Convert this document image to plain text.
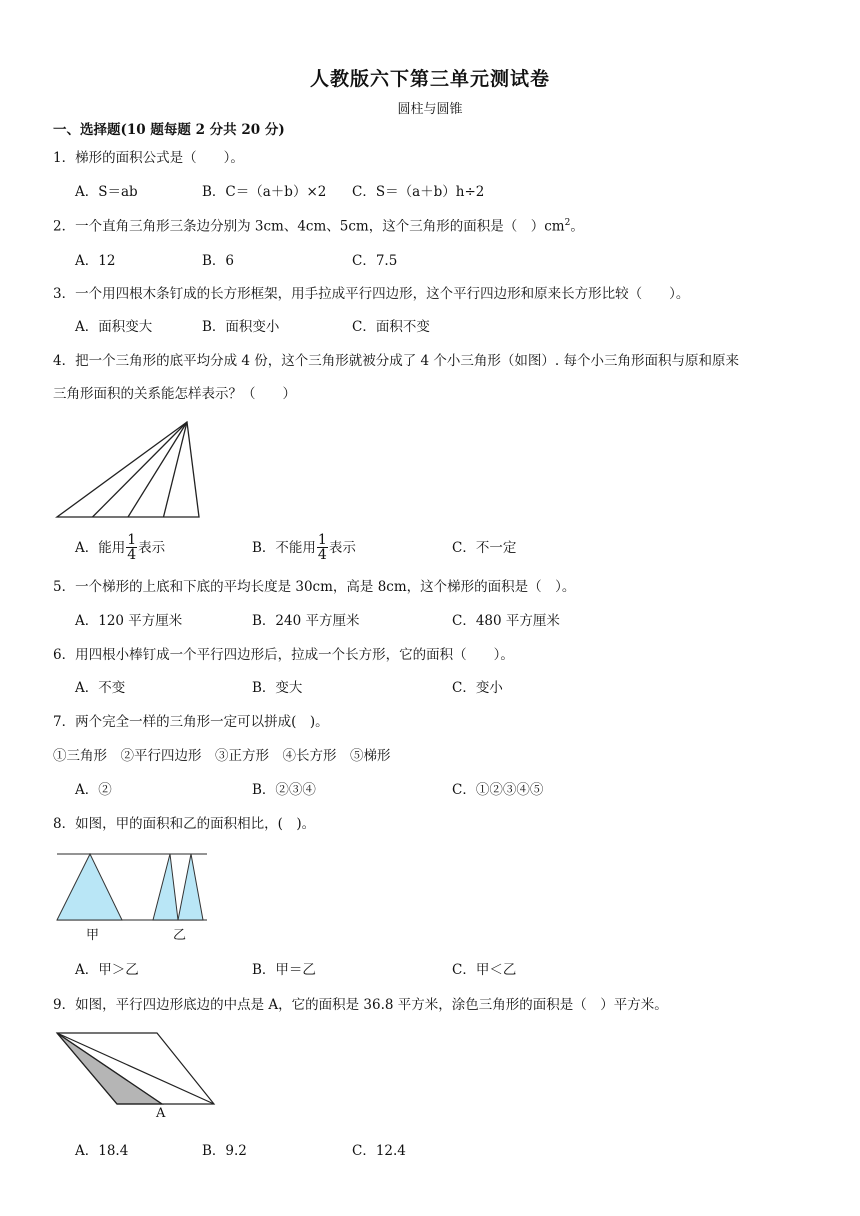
人教版六下第三单元测试卷
圆柱与圆锥
一、选择题(10 题每题 2 分共 20 分)
1．梯形的面积公式是（　　）。
A．S＝ab	B．C＝（a＋b）×2 C．S＝（a＋b）h÷2
2．一个直角三角形三条边分别为 3cm、4cm、5cm，这个三角形的面积是（　）$cm^2$。
A．12	B．6	C．7.5
3．一个用四根木条钉成的长方形框架，用手拉成平行四边形，这个平行四边形和原来长方形比较（　　）。
A．面积变大	B．面积变小	C．面积不变
4．把一个三角形的底平均分成 4 份，这个三角形就被分成了 4 个小三角形（如图）. 每个小三角形面积与原和原来
三角形面积的关系能怎样表示？（　　）
A．能用 $\frac{1}{4}$ 表示	B．不能用 $\frac{1}{4}$ 表示	C．不一定
5．一个梯形的上底和下底的平均长度是 30cm，高是 8cm，这个梯形的面积是（　）。
A．120 平方厘米	B．240 平方厘米	C．480 平方厘米
6．用四根小棒钉成一个平行四边形后，拉成一个长方形，它的面积（　　）。
A．不变	B．变大	C．变小
7．两个完全一样的三角形一定可以拼成(　)。
①三角形　②平行四边形　③正方形　④长方形　⑤梯形
A．②	B．②③④	C．①②③④⑤
8．如图，甲的面积和乙的面积相比，(　)。
甲	乙
A．甲＞乙	B．甲＝乙	C．甲＜乙
9．如图，平行四边形底边的中点是 A，它的面积是 36.8 平方米，涂色三角形的面积是（　）平方米。
A
A．18.4	B．9.2	C．12.4
